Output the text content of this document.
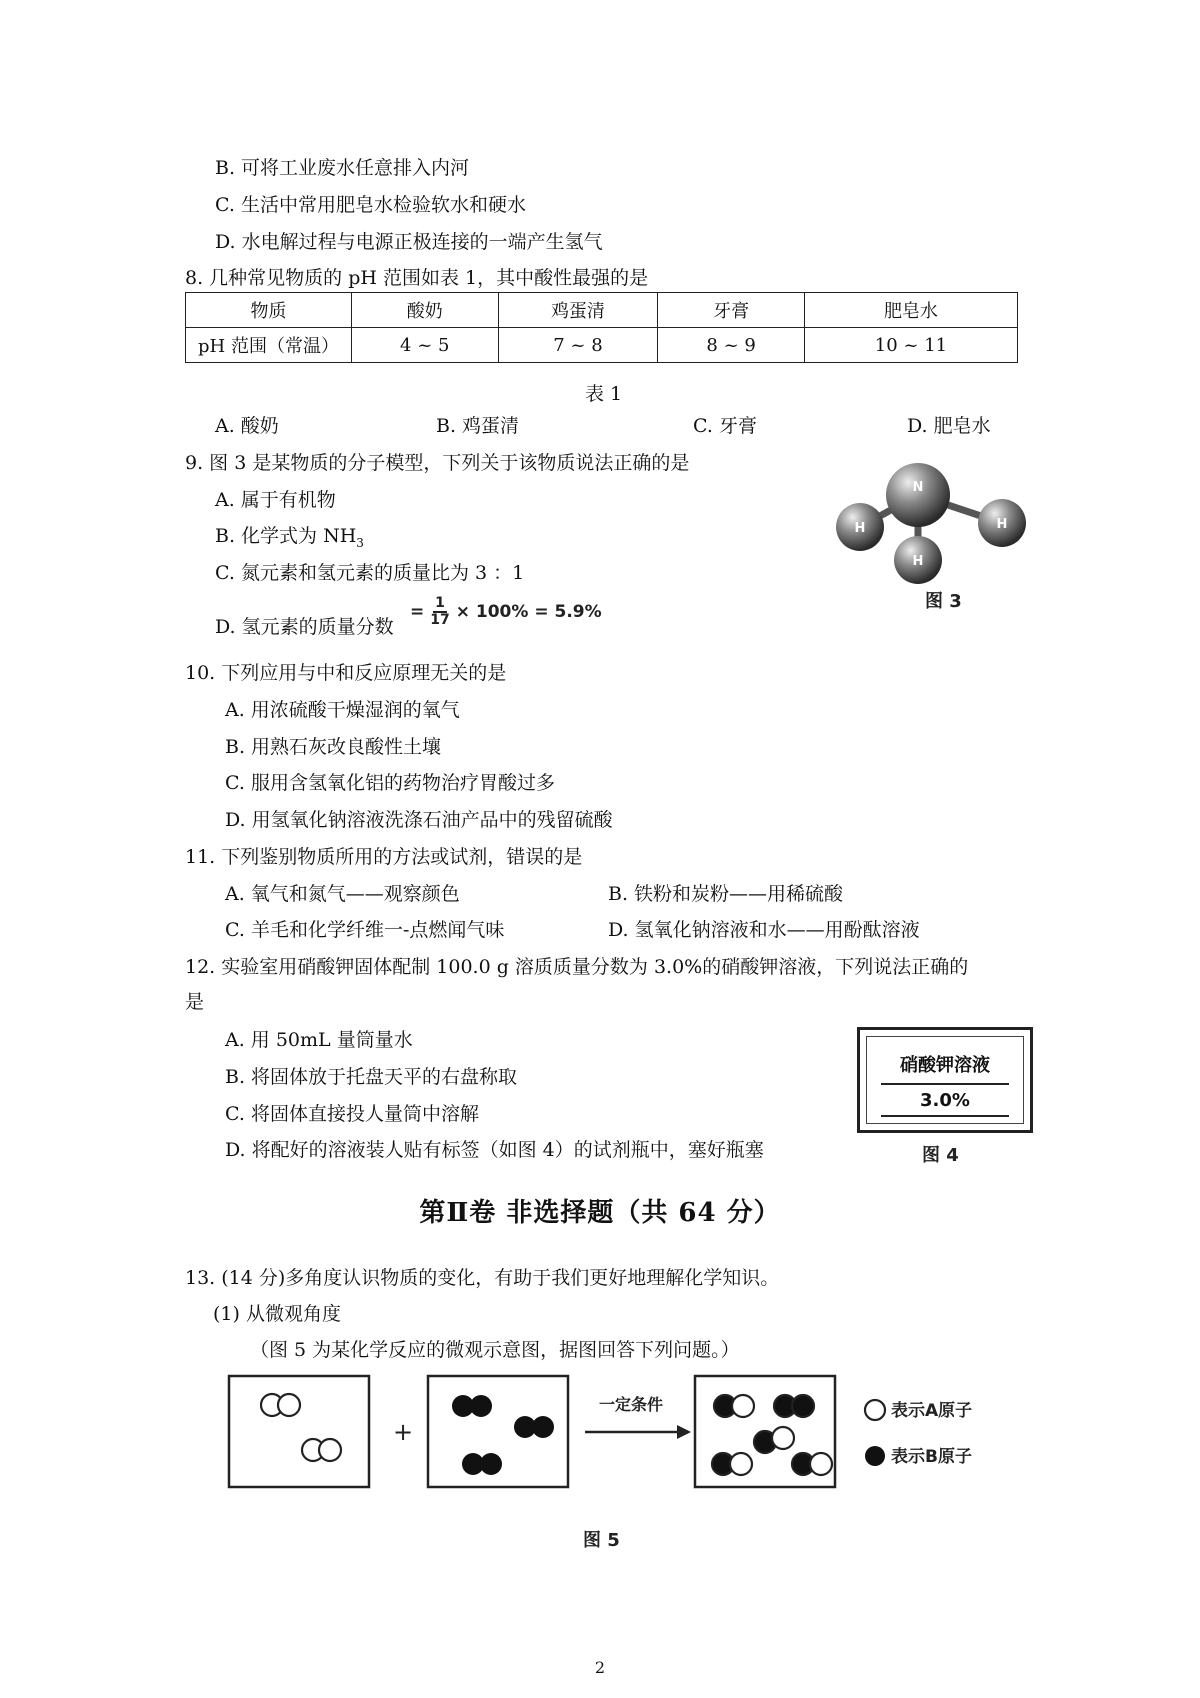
B. 可将工业废水任意排入内河
C. 生活中常用肥皂水检验软水和硬水
D. 水电解过程与电源正极连接的一端产生氢气
8. 几种常见物质的 pH 范围如表 1，其中酸性最强的是
物质	酸奶	鸡蛋清	牙膏	肥皂水
pH 范围（常温）	4 ~ 5	7 ~ 8	8 ~ 9	10 ~ 11
表 1
A. 酸奶	B. 鸡蛋清	C. 牙膏	D. 肥皂水
9. 图 3 是某物质的分子模型，下列关于该物质说法正确的是
A. 属于有机物
B. 化学式为 $NH_3$
C. 氮元素和氢元素的质量比为 3 ：1
D. 氢元素的质量分数
= $\frac{1}{17} \times 100\% = 5.9\%$
N
H	H
H
图 3
10. 下列应用与中和反应原理无关的是
A. 用浓硫酸干燥湿润的氧气
B. 用熟石灰改良酸性土壤
C. 服用含氢氧化铝的药物治疗胃酸过多
D. 用氢氧化钠溶液洗涤石油产品中的残留硫酸
11. 下列鉴别物质所用的方法或试剂，错误的是
A. 氧气和氮气——观察颜色	B. 铁粉和炭粉——用稀硫酸
C. 羊毛和化学纤维一-点燃闻气味	D. 氢氧化钠溶液和水——用酚酞溶液
12. 实验室用硝酸钾固体配制 100.0 g 溶质质量分数为 3.0%的硝酸钾溶液，下列说法正确的
是
A. 用 50mL 量筒量水
B. 将固体放于托盘天平的右盘称取
C. 将固体直接投人量筒中溶解
D. 将配好的溶液装人贴有标签（如图 4）的试剂瓶中，塞好瓶塞
硝酸钾溶液
3.0%
图 4
第Ⅱ卷 非选择题（共 64 分）
13. (14 分)多角度认识物质的变化，有助于我们更好地理解化学知识。
(1) 从微观角度
（图 5 为某化学反应的微观示意图，据图回答下列问题。）
+
一定条件	表示A原子
表示B原子
图 5
2
